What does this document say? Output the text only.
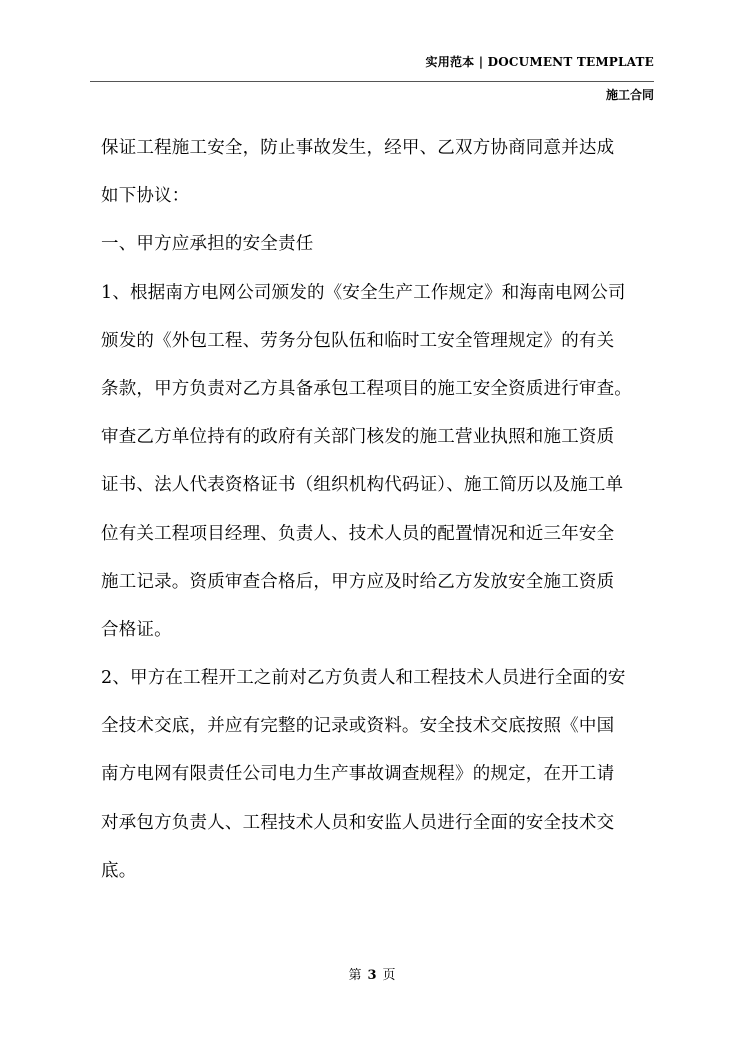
实用范本 | DOCUMENT TEMPLATE
施工合同
保证工程施工安全，防止事故发生，经甲、乙双方协商同意并达成
如下协议：
一、甲方应承担的安全责任
1、根据南方电网公司颁发的《安全生产工作规定》和海南电网公司
颁发的《外包工程、劳务分包队伍和临时工安全管理规定》的有关
条款，甲方负责对乙方具备承包工程项目的施工安全资质进行审查。
审查乙方单位持有的政府有关部门核发的施工营业执照和施工资质
证书、法人代表资格证书（组织机构代码证）、施工简历以及施工单
位有关工程项目经理、负责人、技术人员的配置情况和近三年安全
施工记录。资质审查合格后，甲方应及时给乙方发放安全施工资质
合格证。
2、甲方在工程开工之前对乙方负责人和工程技术人员进行全面的安
全技术交底，并应有完整的记录或资料。安全技术交底按照《中国
南方电网有限责任公司电力生产事故调查规程》的规定，在开工请
对承包方负责人、工程技术人员和安监人员进行全面的安全技术交
底。
第 3 页
